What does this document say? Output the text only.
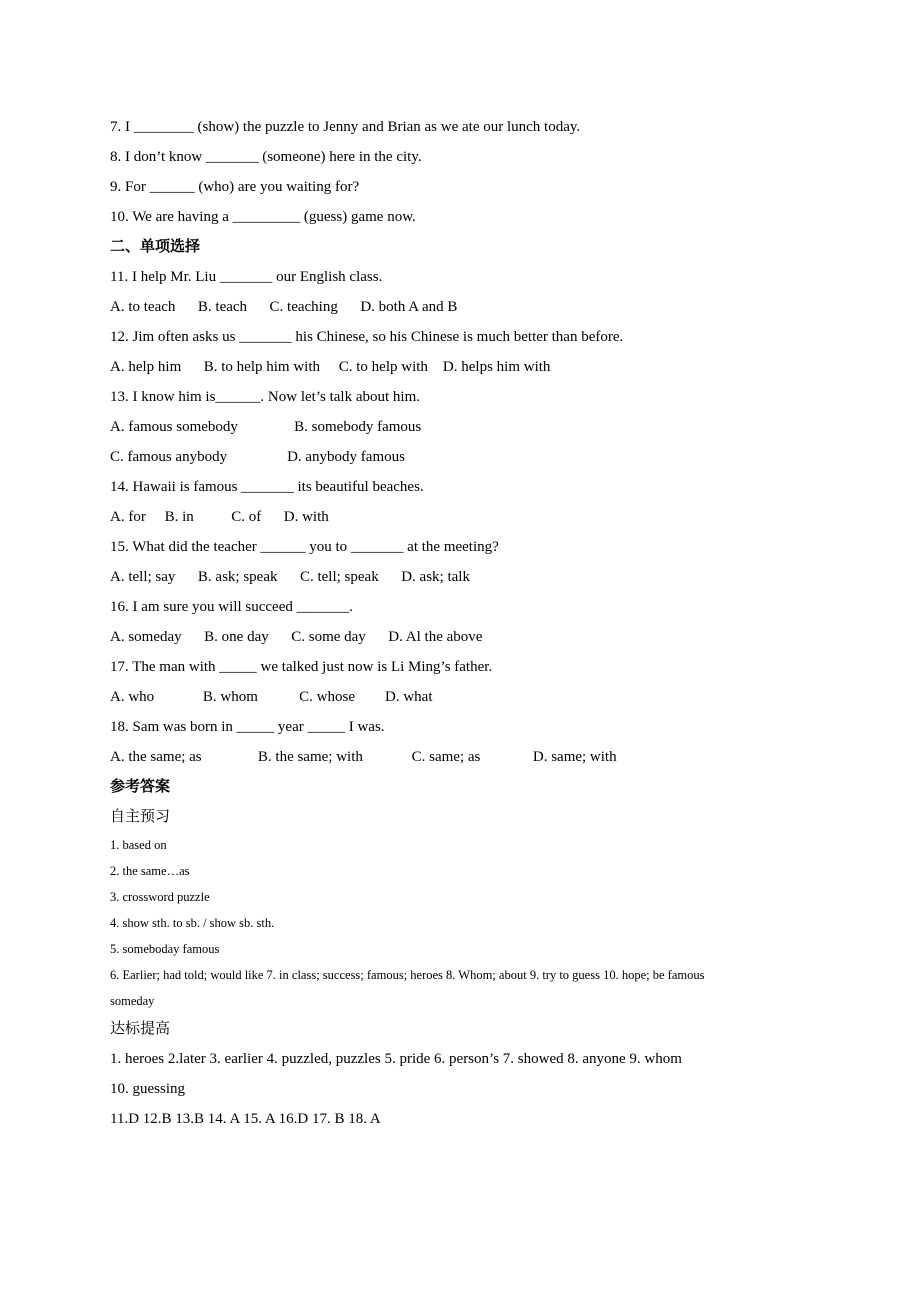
7. I ________ (show) the puzzle to Jenny and Brian as we ate our lunch today.

8. I don’t know _______ (someone) here in the city.

9. For ______ (who) are you waiting for?

10. We are having a _________ (guess) game now.

二、单项选择

11. I help Mr. Liu _______ our English class.

A. to teach      B. teach      C. teaching      D. both A and B

12. Jim often asks us _______ his Chinese, so his Chinese is much better than before.

A. help him      B. to help him with     C. to help with    D. helps him with

13. I know him is______. Now let’s talk about him.

A. famous somebody               B. somebody famous

C. famous anybody                D. anybody famous

14. Hawaii is famous _______ its beautiful beaches.

A. for     B. in          C. of      D. with

15. What did the teacher ______ you to _______ at the meeting?

A. tell; say      B. ask; speak      C. tell; speak      D. ask; talk

16. I am sure you will succeed _______.

A. someday      B. one day      C. some day      D. Al the above

17. The man with _____ we talked just now is Li Ming’s father.

A. who             B. whom           C. whose        D. what

18. Sam was born in _____ year _____ I was.

A. the same; as               B. the same; with             C. same; as              D. same; with

参考答案

自主预习

1. based on

2. the same…as

3. crossword puzzle

4. show sth. to sb. / show sb. sth.

5. someboday famous

6. Earlier; had told; would like 7. in class; success; famous; heroes 8. Whom; about 9. try to guess 10. hope; be famous

someday

达标提高

1. heroes 2.later 3. earlier 4. puzzled, puzzles 5. pride 6. person’s 7. showed 8. anyone 9. whom

10. guessing

11.D 12.B 13.B 14. A 15. A 16.D 17. B 18. A
